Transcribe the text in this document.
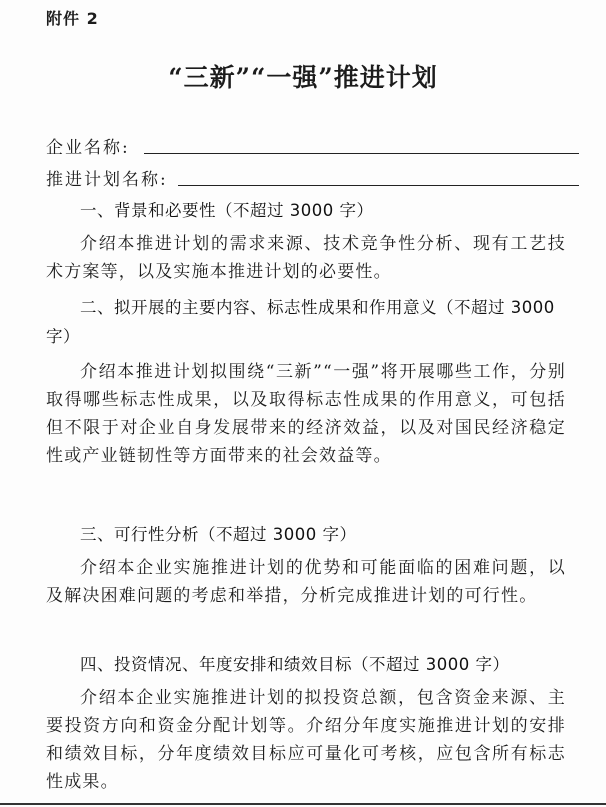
附件 2
“三新”“一强”推进计划
企业名称:
推进计划名称:
一、背景和必要性（不超过 3000 字）
介绍本推进计划的需求来源、技术竞争性分析、现有工艺技术方案等，以及实施本推进计划的必要性。
二、拟开展的主要内容、标志性成果和作用意义（不超过 3000 字）
介绍本推进计划拟围绕“三新”“一强”将开展哪些工作，分别取得哪些标志性成果，以及取得标志性成果的作用意义，可包括但不限于对企业自身发展带来的经济效益，以及对国民经济稳定性或产业链韧性等方面带来的社会效益等。
三、可行性分析（不超过 3000 字）
介绍本企业实施推进计划的优势和可能面临的困难问题，以及解决困难问题的考虑和举措，分析完成推进计划的可行性。
四、投资情况、年度安排和绩效目标（不超过 3000 字）
介绍本企业实施推进计划的拟投资总额，包含资金来源、主要投资方向和资金分配计划等。介绍分年度实施推进计划的安排和绩效目标，分年度绩效目标应可量化可考核，应包含所有标志性成果。
